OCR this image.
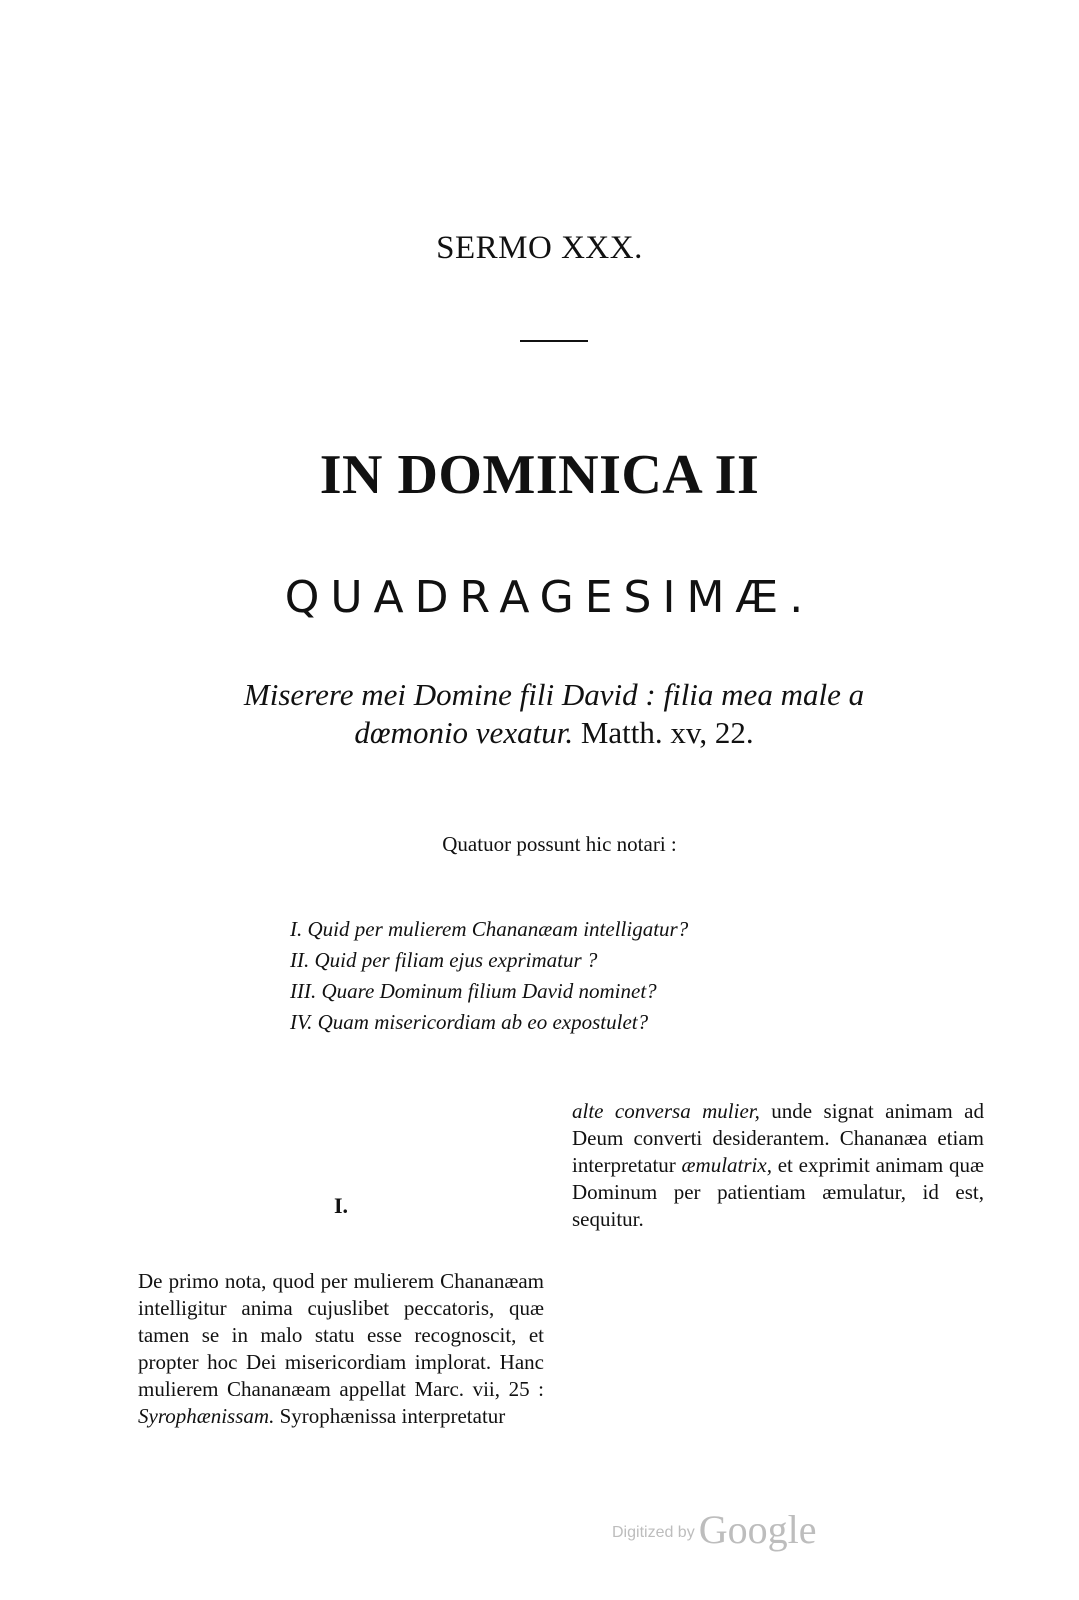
SERMO XXX.
IN DOMINICA II
QUADRAGESIMÆ.
Miserere mei Domine fili David : filia mea male a
dœmonio vexatur. Matth. xv, 22.
Quatuor possunt hic notari :
I. Quid per mulierem Chananæam intelligatur?
II. Quid per filiam ejus exprimatur ?
III. Quare Dominum filium David nominet?
IV. Quam misericordiam ab eo expostulet?
I.
De primo nota, quod per mulierem Chananæam intelligitur anima cujuslibet peccatoris, quæ tamen se in malo statu esse recognoscit, et propter hoc Dei misericordiam implorat. Hanc mulierem Chananæam appellat Marc. vii, 25 : Syrophænissam. Syrophænissa interpretatur
alte conversa mulier, unde signat animam ad Deum converti desiderantem. Chananæa etiam interpretatur æmulatrix, et exprimit animam quæ Dominum per patientiam æmulatur, id est, sequitur.
Digitized by Google
